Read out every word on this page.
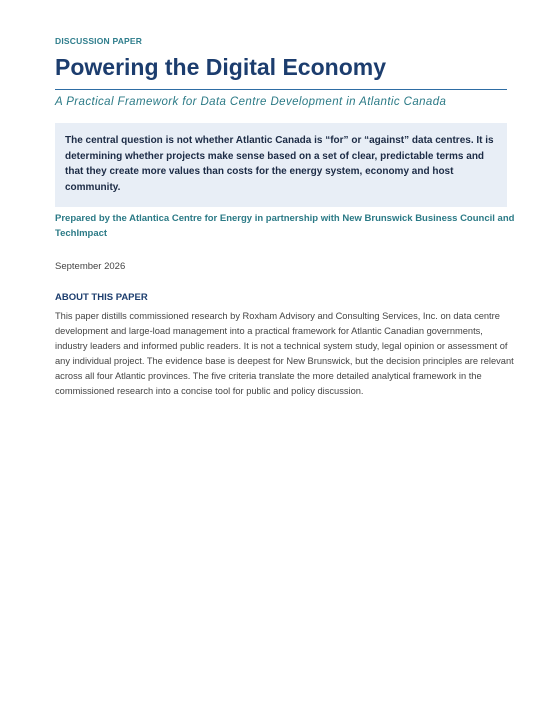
DISCUSSION PAPER
Powering the Digital Economy
A Practical Framework for Data Centre Development in Atlantic Canada
The central question is not whether Atlantic Canada is “for” or “against” data centres. It is determining whether projects make sense based on a set of clear, predictable terms and that they create more values than costs for the energy system, economy and host community.
Prepared by the Atlantica Centre for Energy in partnership with New Brunswick Business Council and TechImpact
September 2026
ABOUT THIS PAPER
This paper distills commissioned research by Roxham Advisory and Consulting Services, Inc. on data centre development and large-load management into a practical framework for Atlantic Canadian governments, industry leaders and informed public readers. It is not a technical system study, legal opinion or assessment of any individual project. The evidence base is deepest for New Brunswick, but the decision principles are relevant across all four Atlantic provinces. The five criteria translate the more detailed analytical framework in the commissioned research into a concise tool for public and policy discussion.
